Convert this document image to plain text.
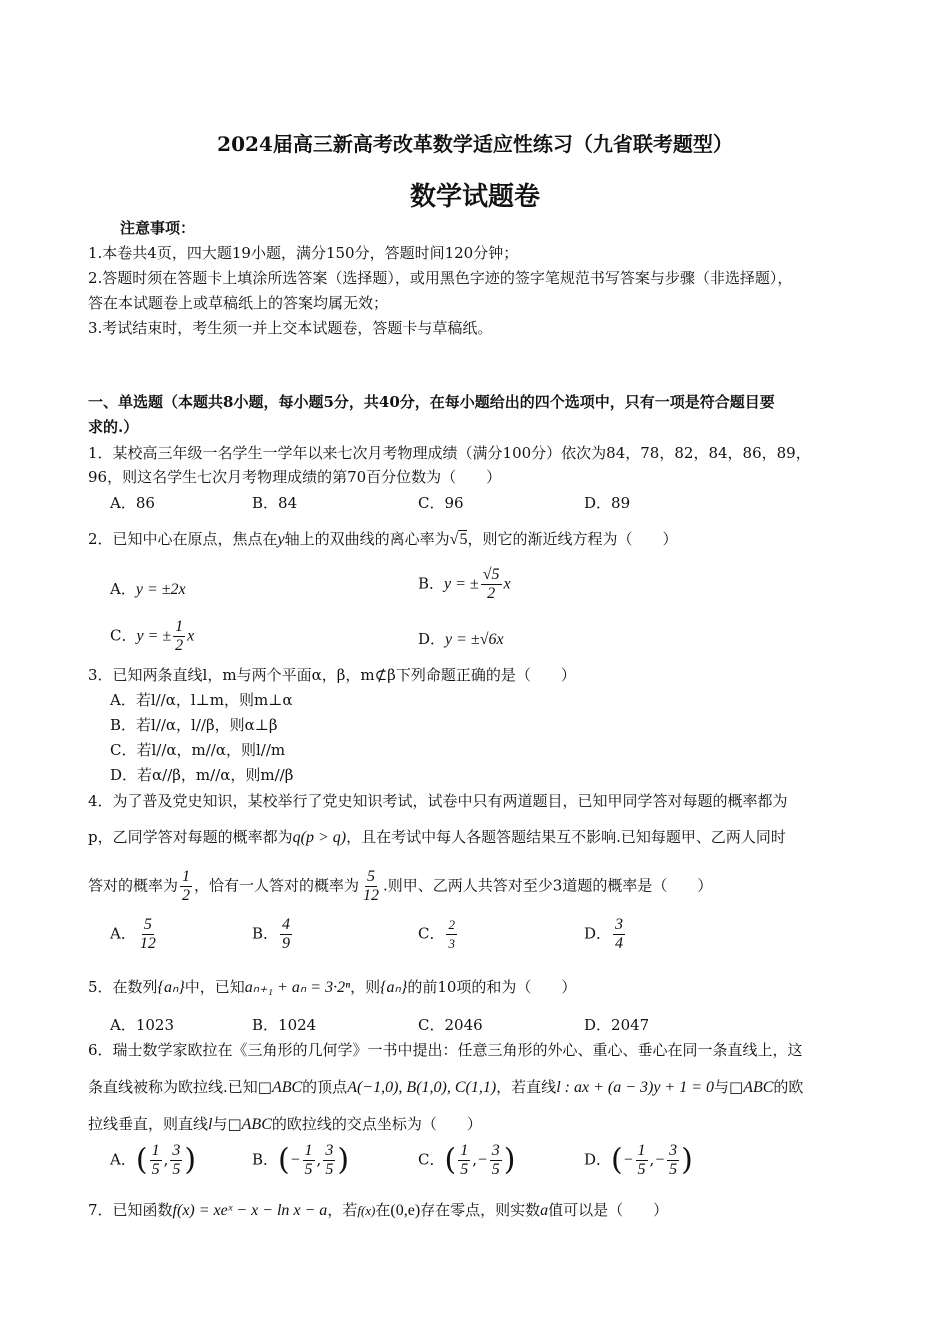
2024届高三新高考改革数学适应性练习（九省联考题型）
数学试题卷
注意事项：
1.本卷共4页，四大题19小题，满分150分，答题时间120分钟；
2.答题时须在答题卡上填涂所选答案（选择题），或用黑色字迹的签字笔规范书写答案与步骤（非选择题），
答在本试题卷上或草稿纸上的答案均属无效；
3.考试结束时，考生须一并上交本试题卷，答题卡与草稿纸。
一、单选题（本题共8小题，每小题5分，共40分，在每小题给出的四个选项中，只有一项是符合题目要
求的.）
1．某校高三年级一名学生一学年以来七次月考物理成绩（满分100分）依次为84，78，82，84，86，89，
96，则这名学生七次月考物理成绩的第70百分位数为（　　）
A．86	B．84	C．96	D．89
2．已知中心在原点，焦点在y轴上的双曲线的离心率为√5，则它的渐近线方程为（　　）
A．y = ±2x	B．y = ± $\frac{√5}{2}$ x
C．y = ± $\frac{1}{2}$ x	D．y = ±√6x
3．已知两条直线l，m与两个平面α，β，m⊄β下列命题正确的是（　　）
A．若l//α，l⊥m，则m⊥α
B．若l//α，l//β，则α⊥β
C．若l//α，m//α，则l//m
D．若α//β，m//α，则m//β
4．为了普及党史知识，某校举行了党史知识考试，试卷中只有两道题目，已知甲同学答对每题的概率都为
p，乙同学答对每题的概率都为q(p > q)，且在考试中每人各题答题结果互不影响.已知每题甲、乙两人同时
答对的概率为 $\frac{1}{2}$ ，恰有一人答对的概率为 $\frac{5}{12}$ .则甲、乙两人共答对至少3道题的概率是（　　）
A． $\frac{5}{12}$	B． $\frac{4}{9}$	C． $\frac{2}{3}$	D． $\frac{3}{4}$
5．在数列{aₙ}中，已知aₙ₊₁ + aₙ = 3·2ⁿ，则{aₙ}的前10项的和为（　　）
A．1023	B．1024	C．2046	D．2047
6．瑞士数学家欧拉在《三角形的几何学》一书中提出：任意三角形的外心、重心、垂心在同一条直线上，这
条直线被称为欧拉线.已知□ABC的顶点A(−1,0), B(1,0), C(1,1)，若直线l : ax + (a − 3)y + 1 = 0与□ABC的欧
拉线垂直，则直线l与□ABC的欧拉线的交点坐标为（　　）
A．( $\frac{1}{5}$ , $\frac{3}{5}$ )	B．(− $\frac{1}{5}$ , $\frac{3}{5}$ )	C．( $\frac{1}{5}$ ,− $\frac{3}{5}$ )	D．(− $\frac{1}{5}$ ,− $\frac{3}{5}$ )
7．已知函数f(x) = xeˣ − x − ln x − a，若f(x)在(0,e)存在零点，则实数a值可以是（　　）
